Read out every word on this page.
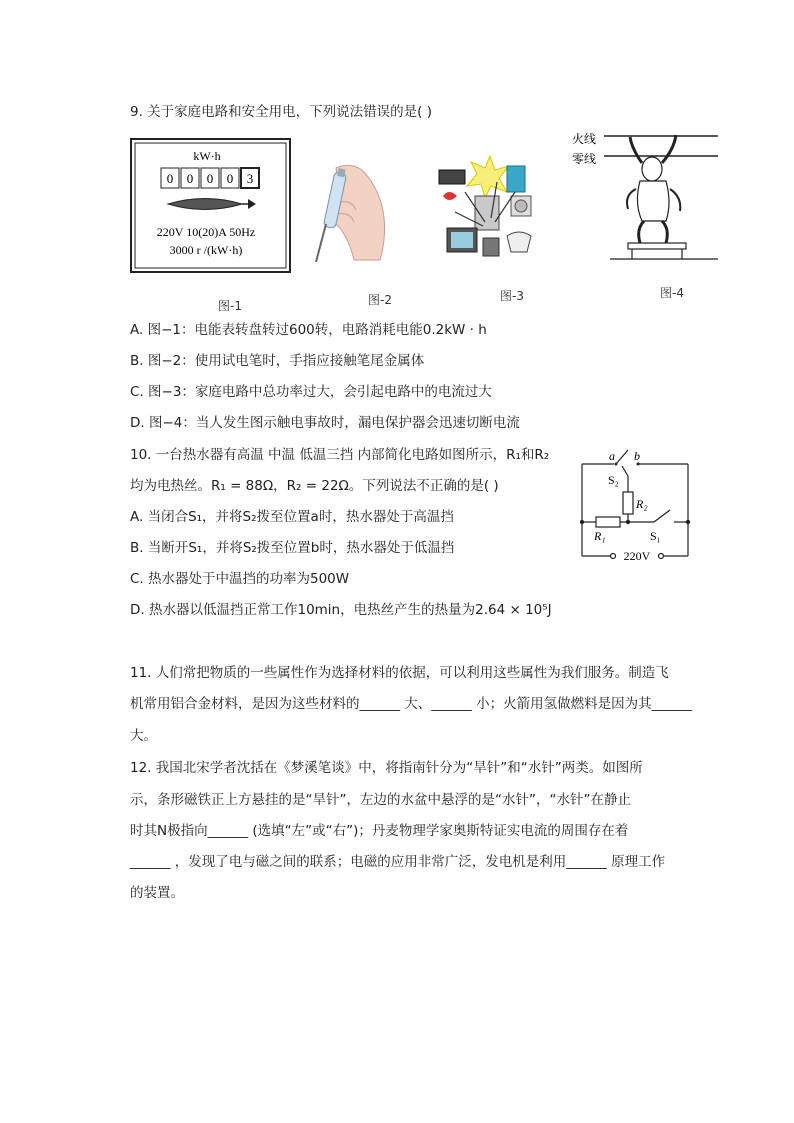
9. 关于家庭电路和安全用电，下列说法错误的是( )
kW·h
0 0 0 0 3
220V 10(20)A 50Hz
3000 r /(kW·h)
火线
零线
图-1	图-2	图-3	图-4
A. 图−1：电能表转盘转过600转，电路消耗电能0.2kW · h
B. 图−2：使用试电笔时，手指应接触笔尾金属体
C. 图−3：家庭电路中总功率过大，会引起电路中的电流过大
D. 图−4：当人发生图示触电事故时，漏电保护器会迅速切断电流
10. 一台热水器有高温 中温 低温三挡 内部简化电路如图所示，R₁和R₂
均为电热丝。R₁ = 88Ω，R₂ = 22Ω。下列说法不正确的是( )
A. 当闭合S₁，并将S₂拨至位置a时，热水器处于高温挡
B. 当断开S₁，并将S₂拨至位置b时，热水器处于低温挡
C. 热水器处于中温挡的功率为500W
D. 热水器以低温挡正常工作10min，电热丝产生的热量为2.64 × 10⁵J
a b
S₂
R₂
R₁	S₁
220V
11. 人们常把物质的一些属性作为选择材料的依据，可以利用这些属性为我们服务。制造飞
机常用铝合金材料，是因为这些材料的______ 大、______ 小；火箭用氢做燃料是因为其______
大。
12. 我国北宋学者沈括在《梦溪笔谈》中，将指南针分为“旱针”和“水针”两类。如图所
示，条形磁铁正上方悬挂的是“旱针”，左边的水盆中悬浮的是“水针”，“水针”在静止
时其N极指向______ (选填“左”或“右”)；丹麦物理学家奥斯特证实电流的周围存在着
______ ，发现了电与磁之间的联系；电磁的应用非常广泛，发电机是利用______ 原理工作
的装置。
